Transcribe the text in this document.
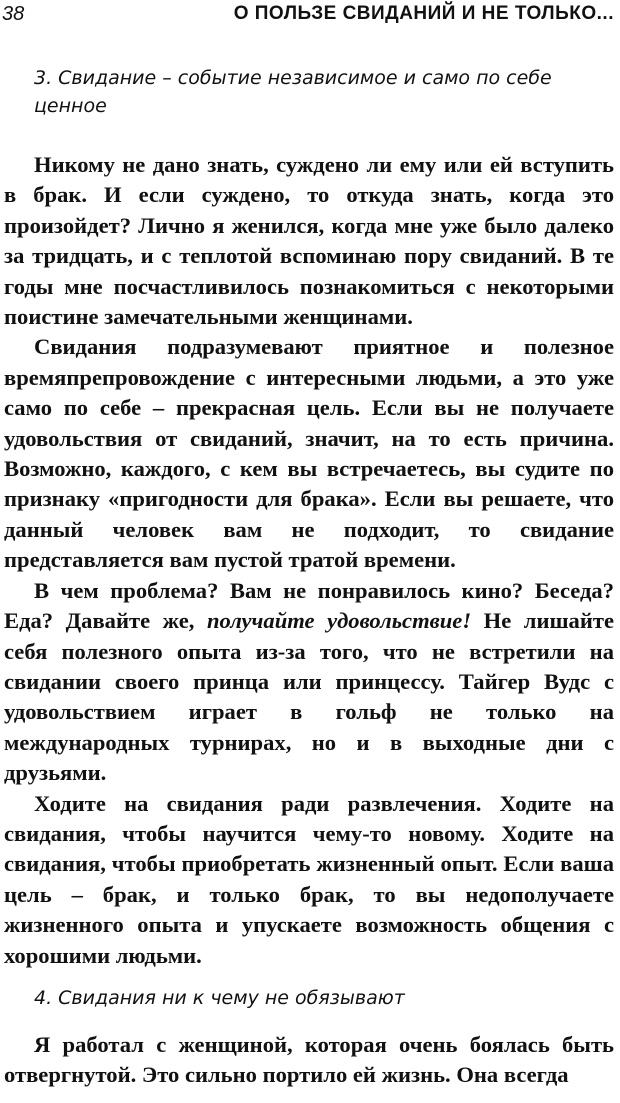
38	О ПОЛЬЗЕ СВИДАНИЙ И НЕ ТОЛЬКО...
3. Свидание – событие независимое и само по себе ценное

Никому не дано знать, суждено ли ему или ей вступить в брак. И если суждено, то откуда знать, когда это произойдет? Лично я женился, когда мне уже было далеко за тридцать, и с теплотой вспоминаю пору свиданий. В те годы мне посчастливилось познакомиться с некоторыми поистине замечательными женщинами.

Свидания подразумевают приятное и полезное времяпрепровождение с интересными людьми, а это уже само по себе – прекрасная цель. Если вы не получаете удовольствия от свиданий, значит, на то есть причина. Возможно, каждого, с кем вы встречаетесь, вы судите по признаку «пригодности для брака». Если вы решаете, что данный человек вам не подходит, то свидание представляется вам пустой тратой времени.

В чем проблема? Вам не понравилось кино? Беседа? Еда? Давайте же, получайте удовольствие! Не лишайте себя полезного опыта из-за того, что не встретили на свидании своего принца или принцессу. Тайгер Вудс с удовольствием играет в гольф не только на международных турнирах, но и в выходные дни с друзьями.

Ходите на свидания ради развлечения. Ходите на свидания, чтобы научится чему-то новому. Ходите на свидания, чтобы приобретать жизненный опыт. Если ваша цель – брак, и только брак, то вы недополучаете жизненного опыта и упускаете возможность общения с хорошими людьми.

4. Свидания ни к чему не обязывают

Я работал с женщиной, которая очень боялась быть отвергнутой. Это сильно портило ей жизнь. Она всегда
